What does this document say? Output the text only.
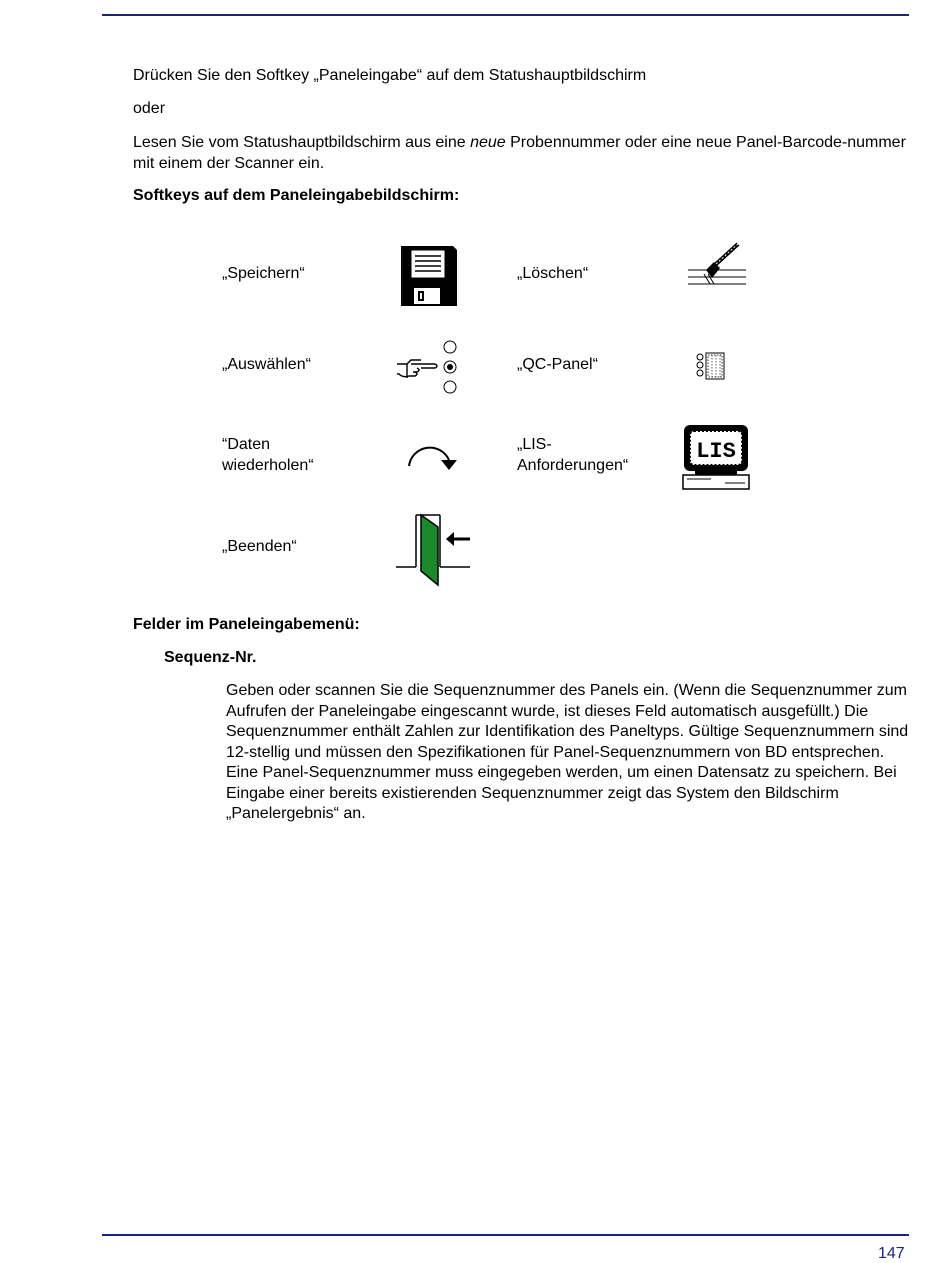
Drücken Sie den Softkey „Paneleingabe“ auf dem Statushauptbildschirm
oder
Lesen Sie vom Statushauptbildschirm aus eine neue Probennummer oder eine neue Panel-Barcode-nummer mit einem der Scanner ein.
Softkeys auf dem Paneleingabebildschirm:
„Speichern“	„Löschen“
„Auswählen“	„QC-Panel“
“Daten
wiederholen“
„LIS-
Anforderungen“
LIS
„Beenden“
Felder im Paneleingabemenü:
Sequenz-Nr.
Geben oder scannen Sie die Sequenznummer des Panels ein. (Wenn die Sequenznummer zum Aufrufen der Paneleingabe eingescannt wurde, ist dieses Feld automatisch ausgefüllt.) Die Sequenznummer enthält Zahlen zur Identifikation des Paneltyps. Gültige Sequenznummern sind 12-stellig und müssen den Spezifikationen für Panel-Sequenznummern von BD entsprechen. Eine Panel-Sequenznummer muss eingegeben werden, um einen Datensatz zu speichern. Bei Eingabe einer bereits existierenden Sequenznummer zeigt das System den Bildschirm „Panelergebnis“ an.
147
